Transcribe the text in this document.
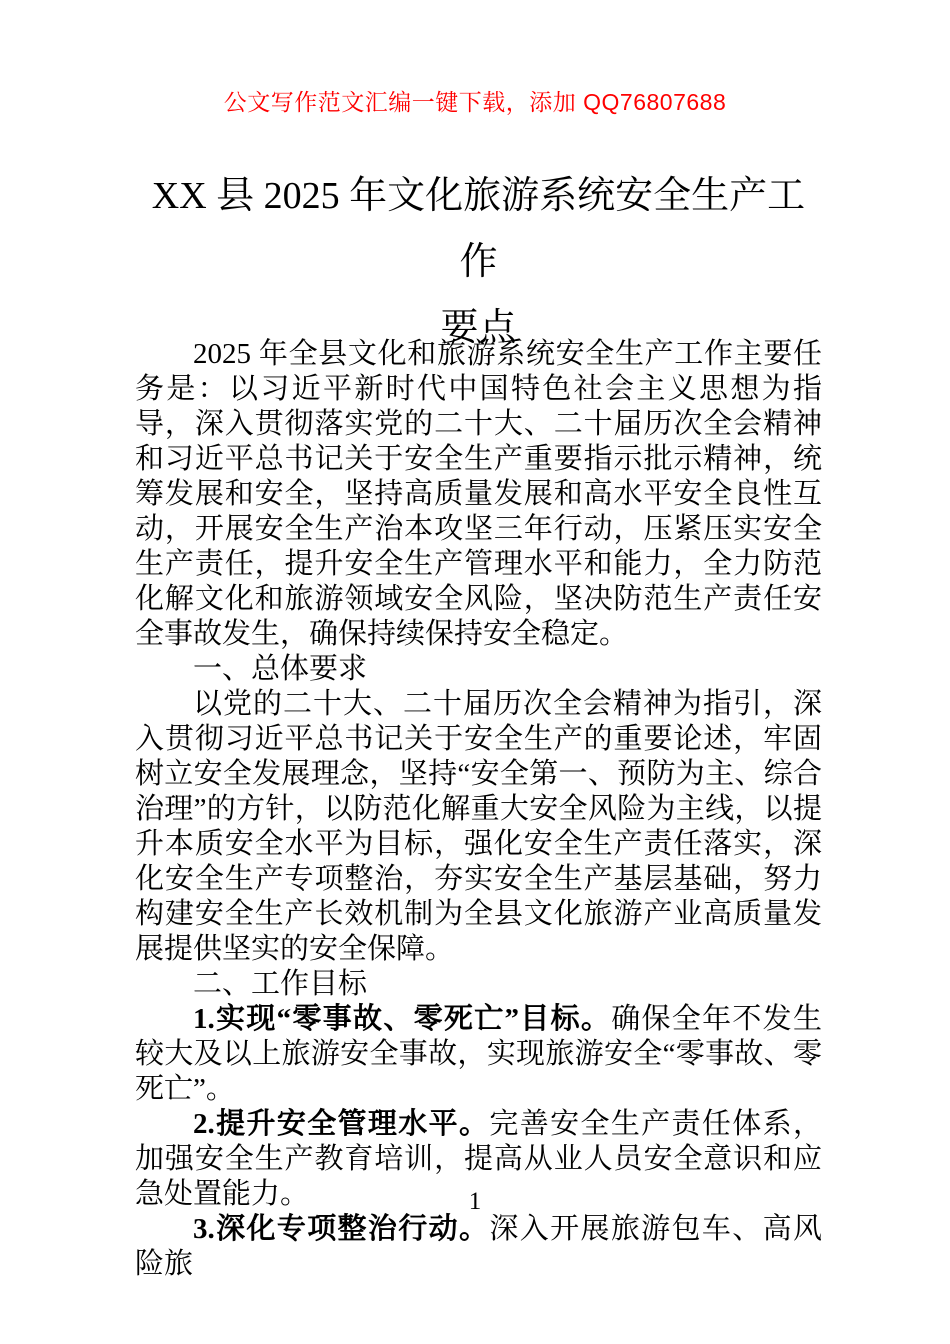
公文写作范文汇编一键下载，添加 QQ76807688
XX 县 2025 年文化旅游系统安全生产工作
要点

2025 年全县文化和旅游系统安全生产工作主要任务是：以习近平新时代中国特色社会主义思想为指导，深入贯彻落实党的二十大、二十届历次全会精神和习近平总书记关于安全生产重要指示批示精神，统筹发展和安全，坚持高质量发展和高水平安全良性互动，开展安全生产治本攻坚三年行动，压紧压实安全生产责任，提升安全生产管理水平和能力，全力防范化解文化和旅游领域安全风险，坚决防范生产责任安全事故发生，确保持续保持安全稳定。

一、总体要求

以党的二十大、二十届历次全会精神为指引，深入贯彻习近平总书记关于安全生产的重要论述，牢固树立安全发展理念，坚持“安全第一、预防为主、综合治理”的方针，以防范化解重大安全风险为主线，以提升本质安全水平为目标，强化安全生产责任落实，深化安全生产专项整治，夯实安全生产基层基础，努力构建安全生产长效机制为全县文化旅游产业高质量发展提供坚实的安全保障。

二、工作目标

1.实现“零事故、零死亡”目标。确保全年不发生较大及以上旅游安全事故，实现旅游安全“零事故、零死亡”。

2.提升安全管理水平。完善安全生产责任体系，加强安全生产教育培训，提高从业人员安全意识和应急处置能力。

3.深化专项整治行动。深入开展旅游包车、高风险旅

1
